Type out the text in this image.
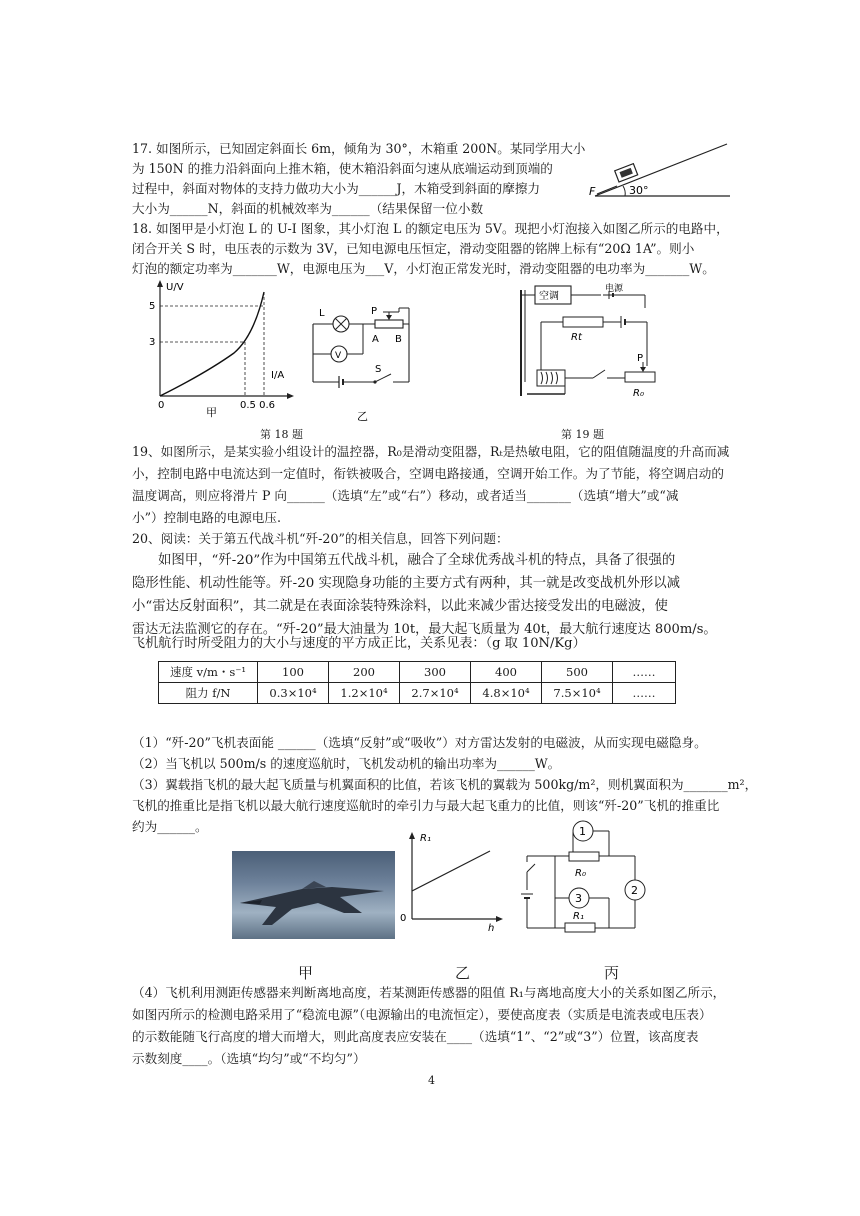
17. 如图所示，已知固定斜面长 6m，倾角为 30°，木箱重 200N。某同学用大小
为 150N 的推力沿斜面向上推木箱，使木箱沿斜面匀速从底端运动到顶端的
过程中，斜面对物体的支持力做功大小为______J，木箱受到斜面的摩擦力
大小为______N，斜面的机械效率为______（结果保留一位小数
F	30°
18. 如图甲是小灯泡 L 的 U-I 图象，其小灯泡 L 的额定电压为 5V。现把小灯泡接入如图乙所示的电路中，
闭合开关 S 时，电压表的示数为 3V，已知电源电压恒定，滑动变阻器的铭牌上标有“20Ω 1A”。则小
灯泡的额定功率为_______W，电源电压为___V，小灯泡正常发光时，滑动变阻器的电功率为_______W。
U/V
I/A
5
3
0	0.5 0.6
甲
L	P
A B
V
S
乙
空调
电源
Rt
P
R₀
第 18 题	第 19 题
19、如图所示，是某实验小组设计的温控器，R₀是滑动变阻器，Rₜ是热敏电阻，它的阻值随温度的升高而减
小，控制电路中电流达到一定值时，衔铁被吸合，空调电路接通，空调开始工作。为了节能，将空调启动的
温度调高，则应将滑片 P 向______（选填“左”或“右”）移动，或者适当_______（选填“增大”或“减
小”）控制电路的电源电压.
20、阅读：关于第五代战斗机“歼-20”的相关信息，回答下列问题：
如图甲，“歼-20”作为中国第五代战斗机，融合了全球优秀战斗机的特点，具备了很强的
隐形性能、机动性能等。歼-20 实现隐身功能的主要方式有两种，其一就是改变战机外形以减
小“雷达反射面积”，其二就是在表面涂装特殊涂料，以此来减少雷达接受发出的电磁波，使
雷达无法监测它的存在。“歼-20”最大油量为 10t，最大起飞质量为 40t，最大航行速度达 800m/s。
飞机航行时所受阻力的大小与速度的平方成正比，关系见表：（g 取 10N/Kg）
速度 v/m・s⁻¹	100	200	300	400	500	……
阻力 f/N	0.3×10⁴	1.2×10⁴	2.7×10⁴	4.8×10⁴	7.5×10⁴	……
（1）“歼-20”飞机表面能 ______（选填“反射”或“吸收”）对方雷达发射的电磁波，从而实现电磁隐身。
（2）当飞机以 500m/s 的速度巡航时，飞机发动机的输出功率为______W。
（3）翼载指飞机的最大起飞质量与机翼面积的比值，若该飞机的翼载为 500kg/m²，则机翼面积为_______m²，
飞机的推重比是指飞机以最大航行速度巡航时的牵引力与最大起飞重力的比值，则该“歼-20”飞机的推重比
约为______。
R₁
h
0
1
R₀
2
3
R₁
甲	乙	丙
（4）飞机利用测距传感器来判断离地高度，若某测距传感器的阻值 R₁与离地高度大小的关系如图乙所示，
如图丙所示的检测电路采用了“稳流电源”（电源输出的电流恒定），要使高度表（实质是电流表或电压表）
的示数能随飞行高度的增大而增大，则此高度表应安装在____（选填“1”、“2”或“3”）位置，该高度表
示数刻度____。（选填“均匀”或“不均匀”）
4
